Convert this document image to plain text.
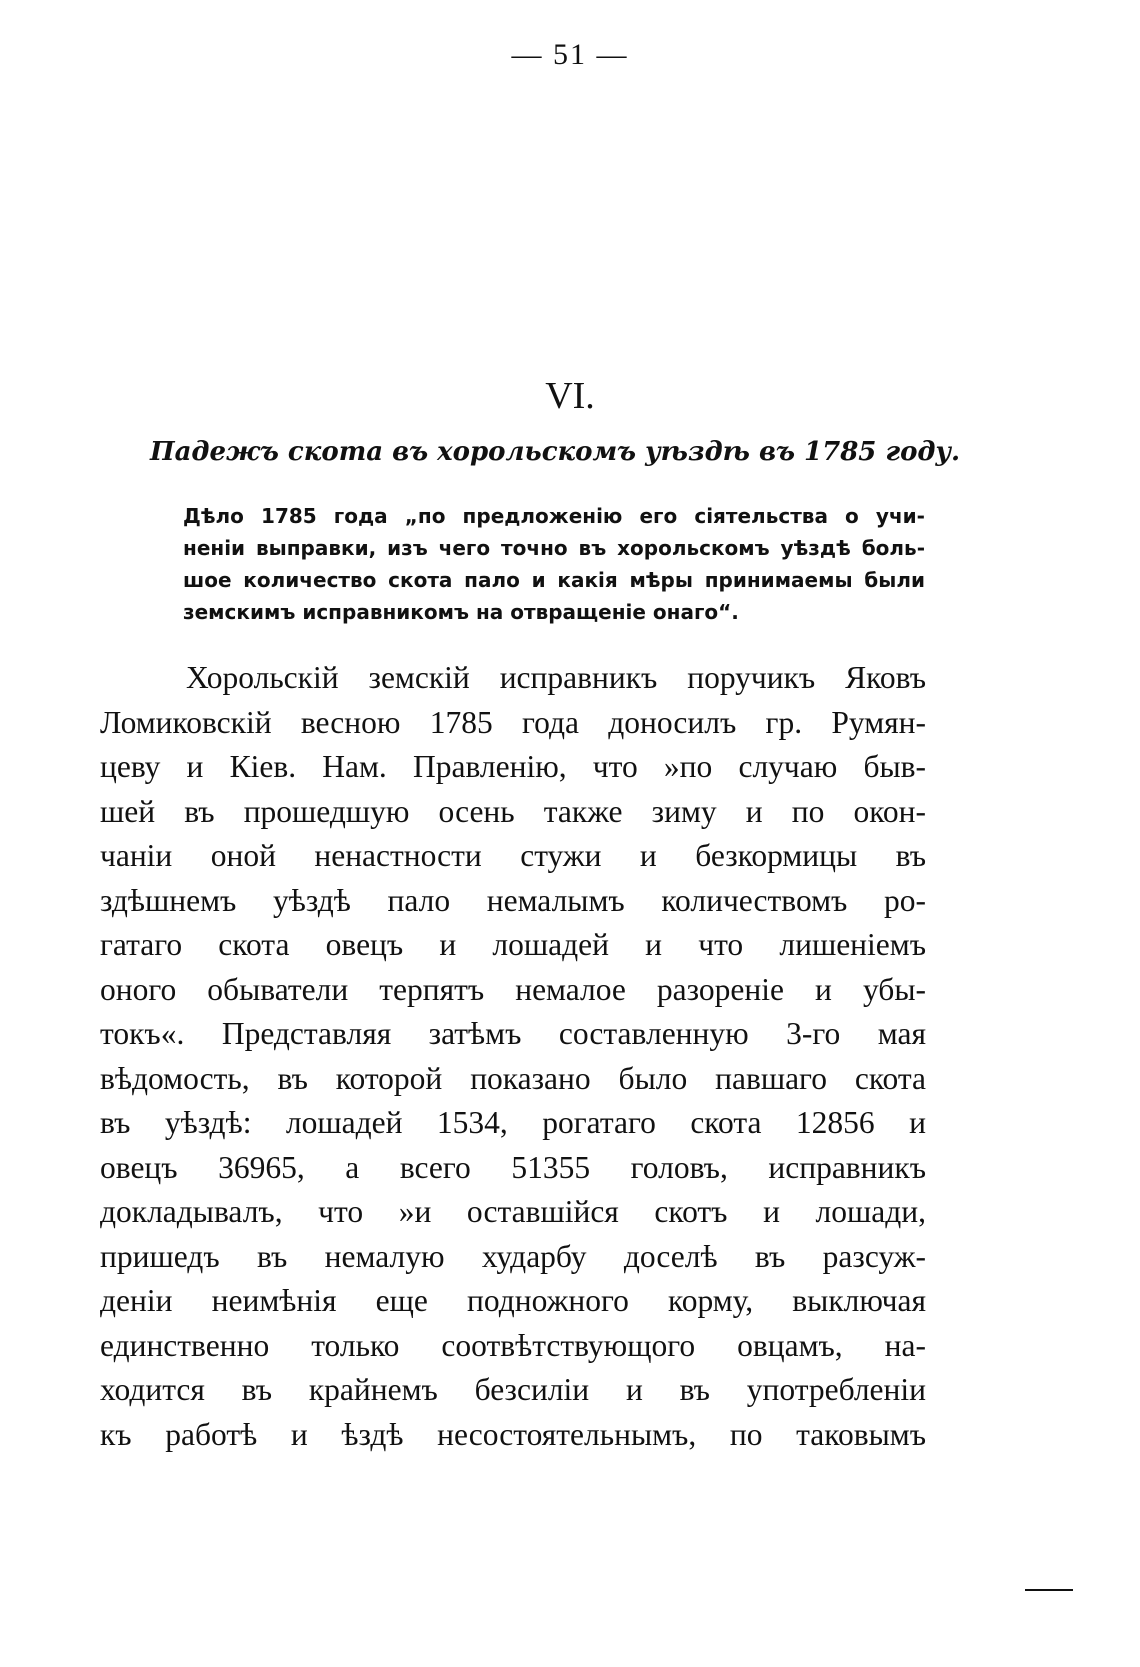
— 51 —
VI.
Падежъ скота въ хорольскомъ уѣздѣ въ 1785 году.
Дѣло 1785 года „по предложенію его сіятельства о учи-
неніи выправки, изъ чего точно въ хорольскомъ уѣздѣ боль-
шое количество скота пало и какія мѣры принимаемы были
земскимъ исправникомъ на отвращеніе онаго“.
Хорольскій земскій исправникъ поручикъ Яковъ
Ломиковскій весною 1785 года доносилъ гр. Румян-
цеву и Кіев. Нам. Правленію, что »по случаю быв-
шей въ прошедшую осень также зиму и по окон-
чаніи оной ненастности стужи и безкормицы въ
здѣшнемъ уѣздѣ пало немалымъ количествомъ ро-
гатаго скота овецъ и лошадей и что лишеніемъ
оного обыватели терпятъ немалое разореніе и убы-
токъ«. Представляя затѣмъ составленную 3-го мая
вѣдомость, въ которой показано было павшаго скота
въ уѣздѣ: лошадей 1534, рогатаго скота 12856 и
овецъ 36965, а всего 51355 головъ, исправникъ
докладывалъ, что »и оставшійся скотъ и лошади,
пришедъ въ немалую хударбу доселѣ въ разсуж-
деніи неимѣнія еще подножного корму, выключая
единственно только соотвѣтствующого овцамъ, на-
ходится въ крайнемъ безсиліи и въ употребленіи
къ работѣ и ѣздѣ несостоятельнымъ, по таковымъ
